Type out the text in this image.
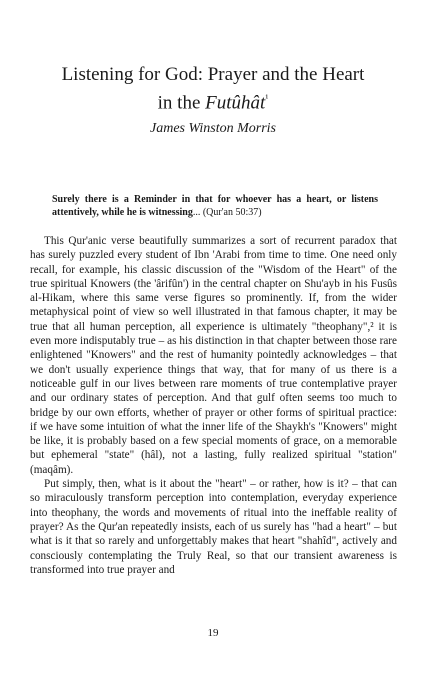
Listening for God: Prayer and the Heart
in the Futûhât$^{^1}$

James Winston Morris

Surely there is a Reminder in that for whoever has a heart, or listens attentively, while he is witnessing... (Qur'an 50:37)

This Qur'anic verse beautifully summarizes a sort of recurrent paradox that has surely puzzled every student of Ibn 'Arabi from time to time. One need only recall, for example, his classic discussion of the "Wisdom of the Heart" of the true spiritual Knowers (the 'ârifûn') in the central chapter on Shu'ayb in his Fusûs al-Hikam, where this same verse figures so prominently. If, from the wider metaphysical point of view so well illustrated in that famous chapter, it may be true that all human perception, all experience is ultimately "theophany",² it is even more indisputably true – as his distinction in that chapter between those rare enlightened "Knowers" and the rest of humanity pointedly acknowledges – that we don't usually experience things that way, that for many of us there is a noticeable gulf in our lives between rare moments of true contemplative prayer and our ordinary states of perception. And that gulf often seems too much to bridge by our own efforts, whether of prayer or other forms of spiritual practice: if we have some intuition of what the inner life of the Shaykh's "Knowers" might be like, it is probably based on a few special moments of grace, on a memorable but ephemeral "state" (hâl), not a lasting, fully realized spiritual "station" (maqâm).

Put simply, then, what is it about the "heart" – or rather, how is it? – that can so miraculously transform perception into contemplation, everyday experience into theophany, the words and movements of ritual into the ineffable reality of prayer? As the Qur'an repeatedly insists, each of us surely has "had a heart" – but what is it that so rarely and unforgettably makes that heart "shahîd", actively and consciously contemplating the Truly Real, so that our transient awareness is transformed into true prayer and

19
